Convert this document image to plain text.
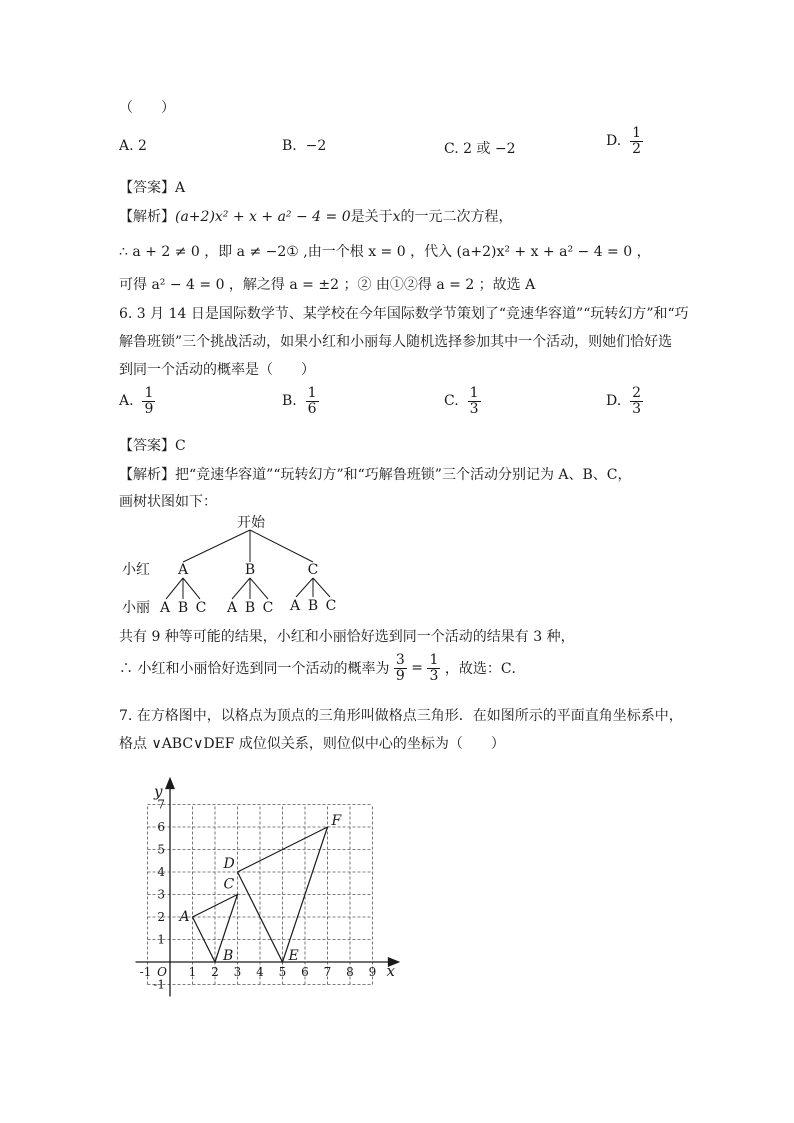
（　　）
A. 2	B. −2	C. 2 或 −2	D. $\frac{1}{2}$
【答案】A
【解析】(a+2)x² + x + a² − 4 = 0是关于x的一元二次方程，
∴ a + 2 ≠ 0 ，即 a ≠ −2① ,由一个根 x = 0 ，代入 (a+2)x² + x + a² − 4 = 0 ，
可得 a² − 4 = 0 ，解之得 a = ±2 ；② 由①②得 a = 2 ；故选 A
6. 3 月 14 日是国际数学节、某学校在今年国际数学节策划了“竞速华容道”“玩转幻方”和“巧
解鲁班锁”三个挑战活动，如果小红和小丽每人随机选择参加其中一个活动，则她们恰好选
到同一个活动的概率是（　　）
A. $\frac{1}{9}$	B. $\frac{1}{6}$	C. $\frac{1}{3}$	D. $\frac{2}{3}$
【答案】C
【解析】把“竞速华容道”“玩转幻方”和“巧解鲁班锁”三个活动分别记为 A、B、C，
画树状图如下：
开始
小红
小丽
A	B	C
A B C A B C A B C
共有 9 种等可能的结果，小红和小丽恰好选到同一个活动的结果有 3 种，
∴ 小红和小丽恰好选到同一个活动的概率为 $\frac{3}{9} = \frac{1}{3}$ ，故选：C．
7. 在方格图中，以格点为顶点的三角形叫做格点三角形．在如图所示的平面直角坐标系中，
格点 ∨ABC∨DEF 成位似关系，则位似中心的坐标为（　　）
-1	1 2 3 4 5 6 7 8 9
-1
1
2
3
4
5
6
7
O	x
y
A
B
C
D
E
F
